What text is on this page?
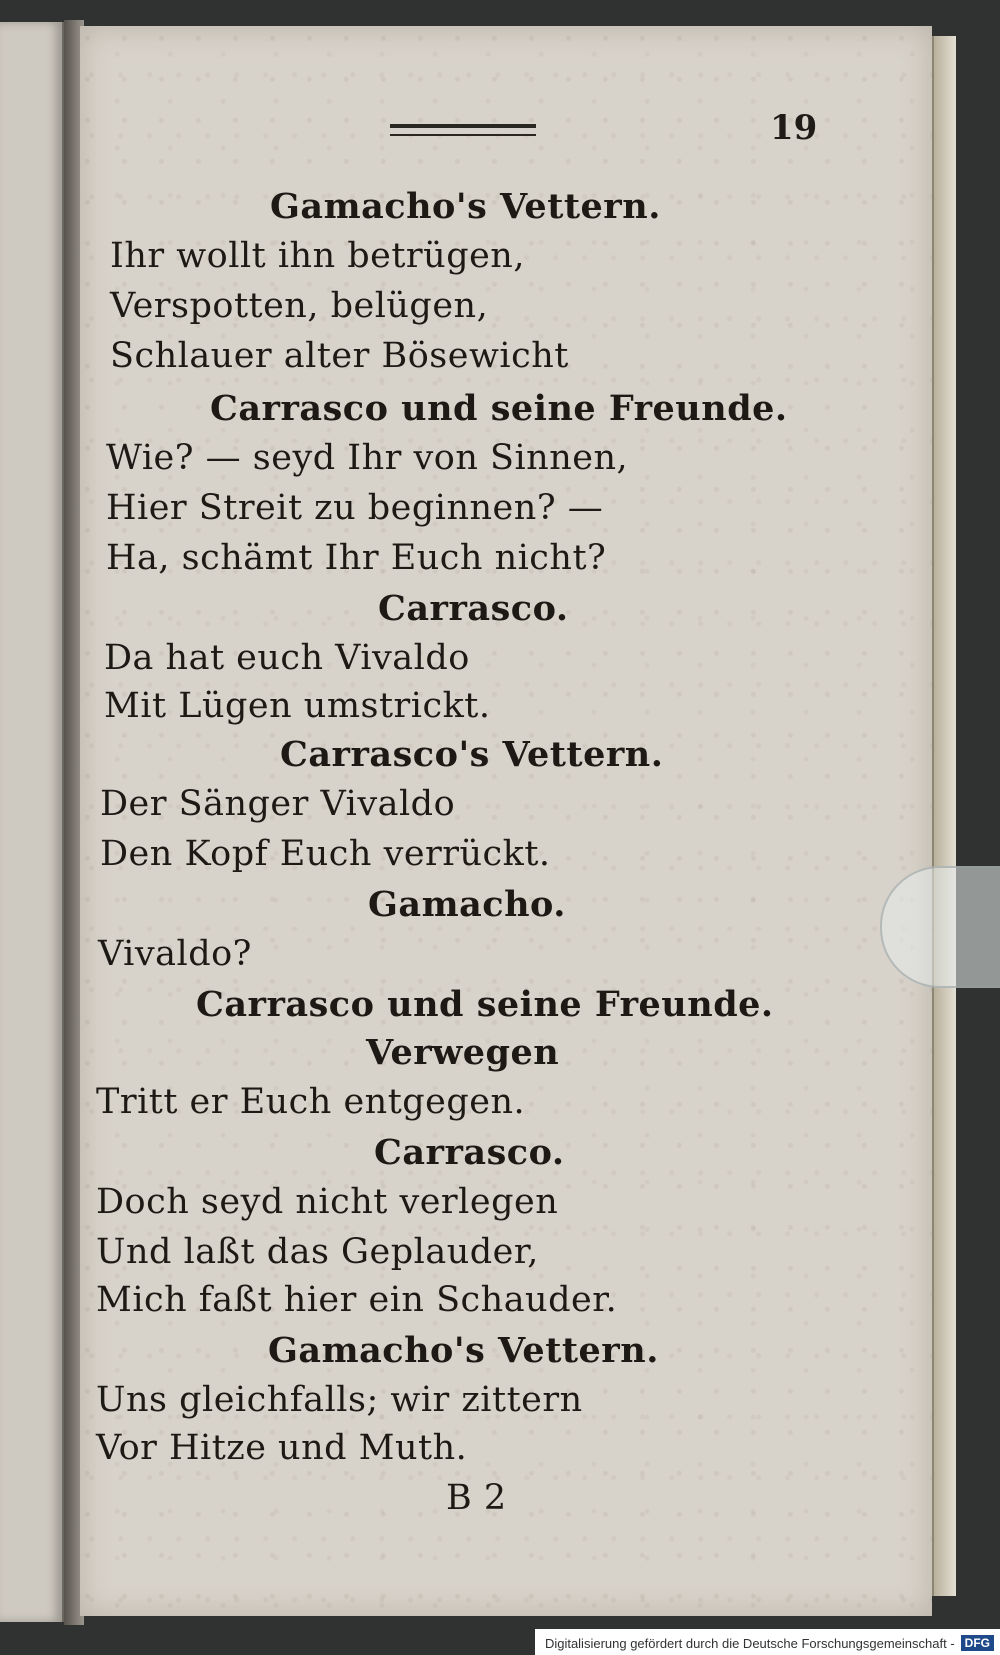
19
Gamacho's Vettern.
Ihr wollt ihn betrügen,
Verspotten, belügen,
Schlauer alter Bösewicht
Carrasco und seine Freunde.
Wie? — seyd Ihr von Sinnen,
Hier Streit zu beginnen? —
Ha, schämt Ihr Euch nicht?
Carrasco.
Da hat euch Vivaldo
Mit Lügen umstrickt.
Carrasco's Vettern.
Der Sänger Vivaldo
Den Kopf Euch verrückt.
Gamacho.
Vivaldo?
Carrasco und seine Freunde.
Verwegen
Tritt er Euch entgegen.
Carrasco.
Doch seyd nicht verlegen
Und laßt das Geplauder,
Mich faßt hier ein Schauder.
Gamacho's Vettern.
Uns gleichfalls; wir zittern
Vor Hitze und Muth.
B 2
Digitalisierung gefördert durch die Deutsche Forschungsgemeinschaft - DFG
